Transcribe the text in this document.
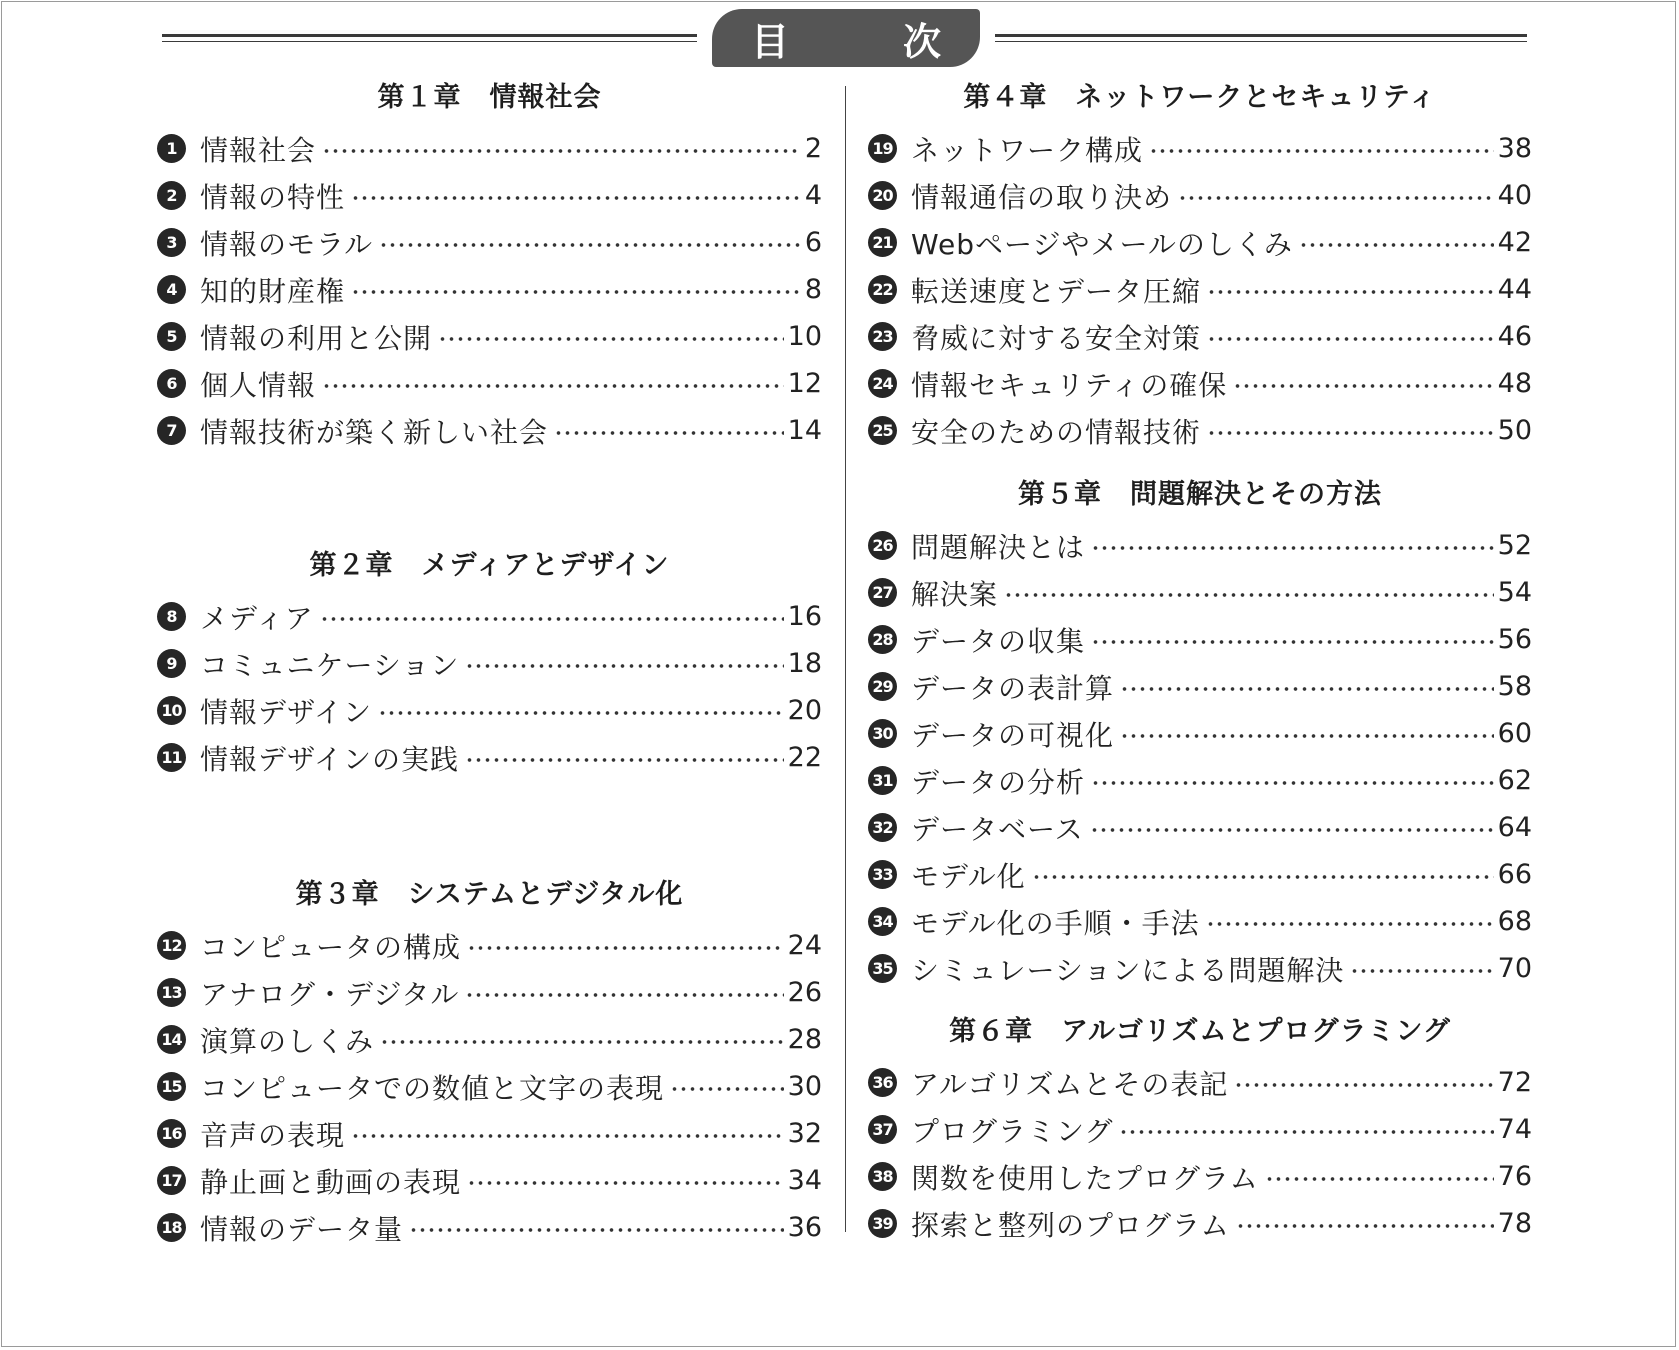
目　次
第１章　情報社会
1 情報社会	2
2 情報の特性	4
3 情報のモラル	6
4 知的財産権	8
5 情報の利用と公開	10
6 個人情報	12
7 情報技術が築く新しい社会	14
第２章　メディアとデザイン
8 メディア	16
9 コミュニケーション	18
10 情報デザイン	20
11 情報デザインの実践	22
第３章　システムとデジタル化
12 コンピュータの構成	24
13 アナログ・デジタル	26
14 演算のしくみ	28
15 コンピュータでの数値と文字の表現	30
16 音声の表現	32
17 静止画と動画の表現	34
18 情報のデータ量	36
第４章　ネットワークとセキュリティ
19 ネットワーク構成	38
20 情報通信の取り決め	40
21 Webページやメールのしくみ	42
22 転送速度とデータ圧縮	44
23 脅威に対する安全対策	46
24 情報セキュリティの確保	48
25 安全のための情報技術	50
第５章　問題解決とその方法
26 問題解決とは	52
27 解決案	54
28 データの収集	56
29 データの表計算	58
30 データの可視化	60
31 データの分析	62
32 データベース	64
33 モデル化	66
34 モデル化の手順・手法	68
35 シミュレーションによる問題解決	70
第６章　アルゴリズムとプログラミング
36 アルゴリズムとその表記	72
37 プログラミング	74
38 関数を使用したプログラム	76
39 探索と整列のプログラム	78
